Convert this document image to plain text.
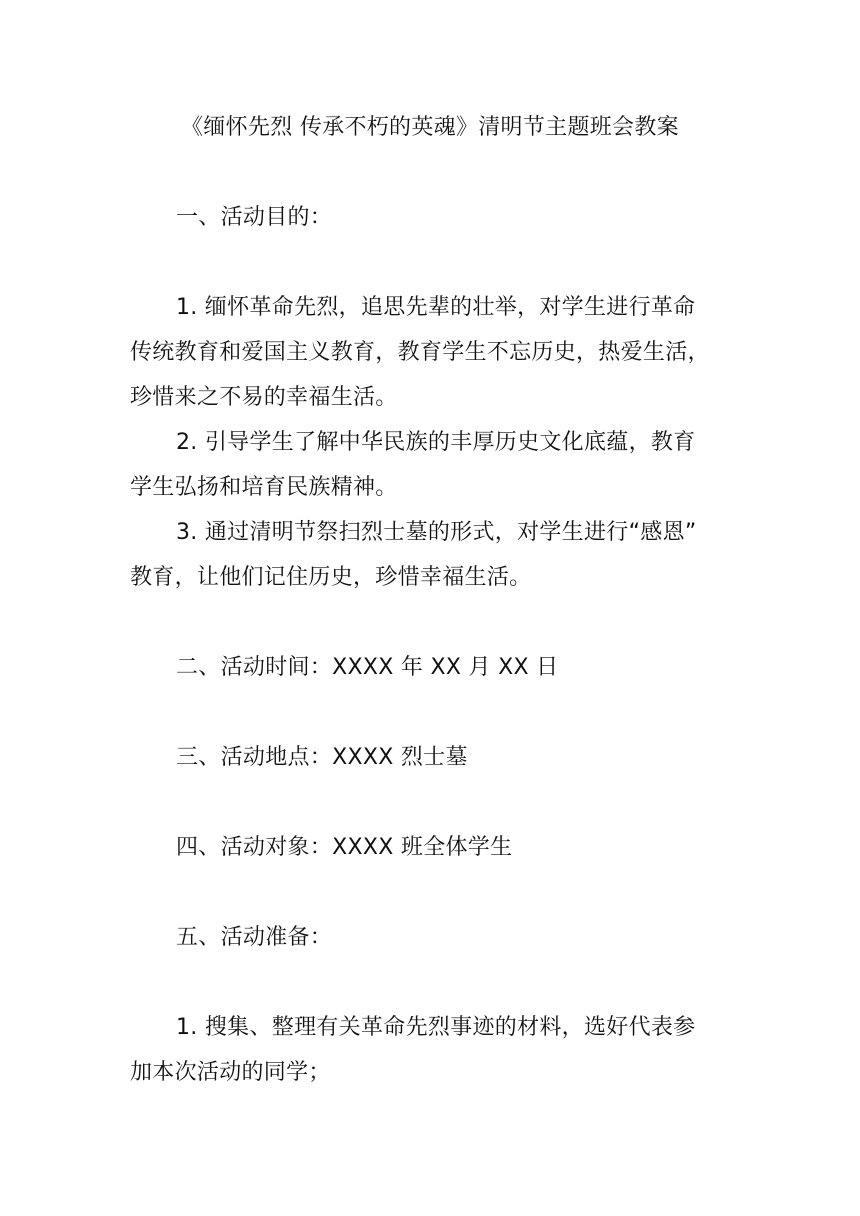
《缅怀先烈 传承不朽的英魂》清明节主题班会教案
一、活动目的：
1. 缅怀革命先烈，追思先辈的壮举，对学生进行革命
传统教育和爱国主义教育，教育学生不忘历史，热爱生活，
珍惜来之不易的幸福生活。
2. 引导学生了解中华民族的丰厚历史文化底蕴，教育
学生弘扬和培育民族精神。
3. 通过清明节祭扫烈士墓的形式，对学生进行“感恩”
教育，让他们记住历史，珍惜幸福生活。
二、活动时间：XXXX 年 XX 月 XX 日
三、活动地点：XXXX 烈士墓
四、活动对象：XXXX 班全体学生
五、活动准备：
1. 搜集、整理有关革命先烈事迹的材料，选好代表参
加本次活动的同学；
